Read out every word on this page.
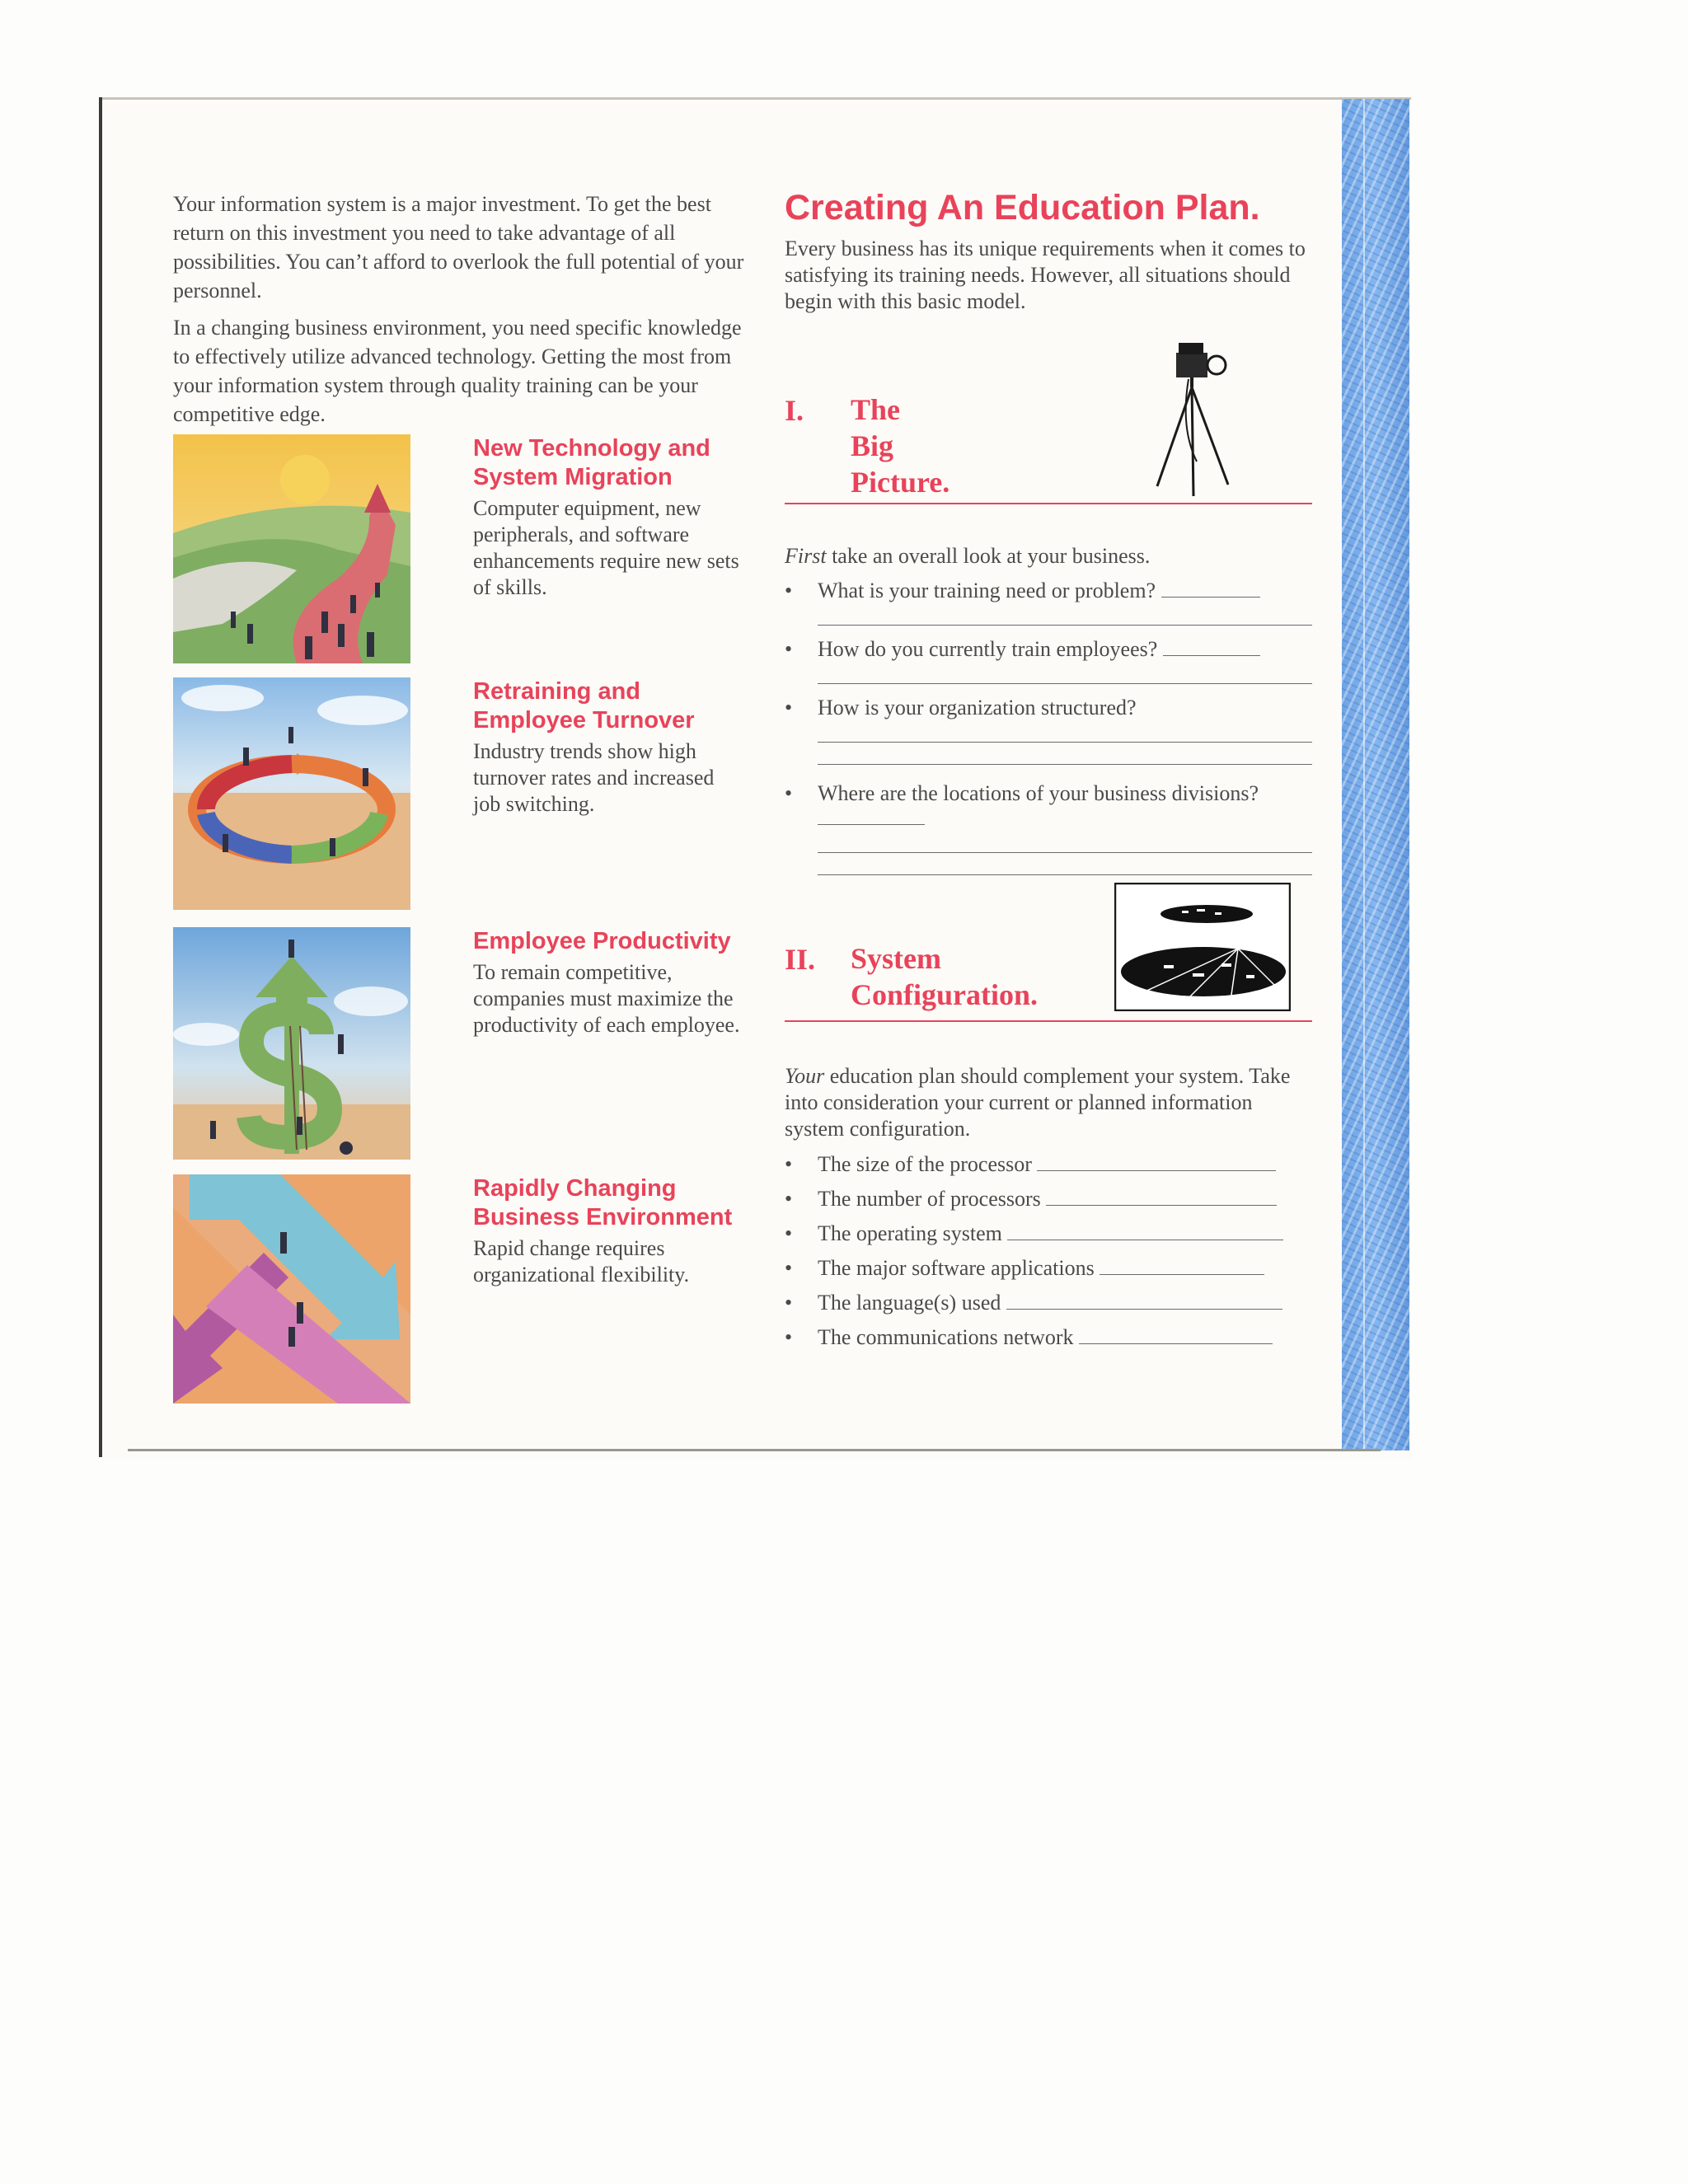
Your information system is a major investment. To get the best return on this investment you need to take advantage of all possibilities. You can’t afford to overlook the full potential of your personnel.

In a changing business environment, you need specific knowledge to effectively utilize advanced technology. Getting the most from your information system through quality training can be your competitive edge.

New Technology and System Migration

Computer equipment, new peripherals, and software enhancements require new sets of skills.

Retraining and Employee Turnover

Industry trends show high turnover rates and increased job switching.

Employee Productivity

To remain competitive, companies must maximize the productivity of each employee.

Rapidly Changing Business Environment

Rapid change requires organizational flexibility.

Creating An Education Plan.

Every business has its unique requirements when it comes to satisfying its training needs. However, all situations should begin with this basic model.

I. The
Big
Picture.
First take an overall look at your business.
• What is your training need or problem?
• How do you currently train employees?
• How is your organization structured?
• Where are the locations of your business divisions?
II. System
Configuration.
Your education plan should complement your system. Take into consideration your current or planned information system configuration.
• The size of the processor
• The number of processors
• The operating system
• The major software applications
• The language(s) used
• The communications network
